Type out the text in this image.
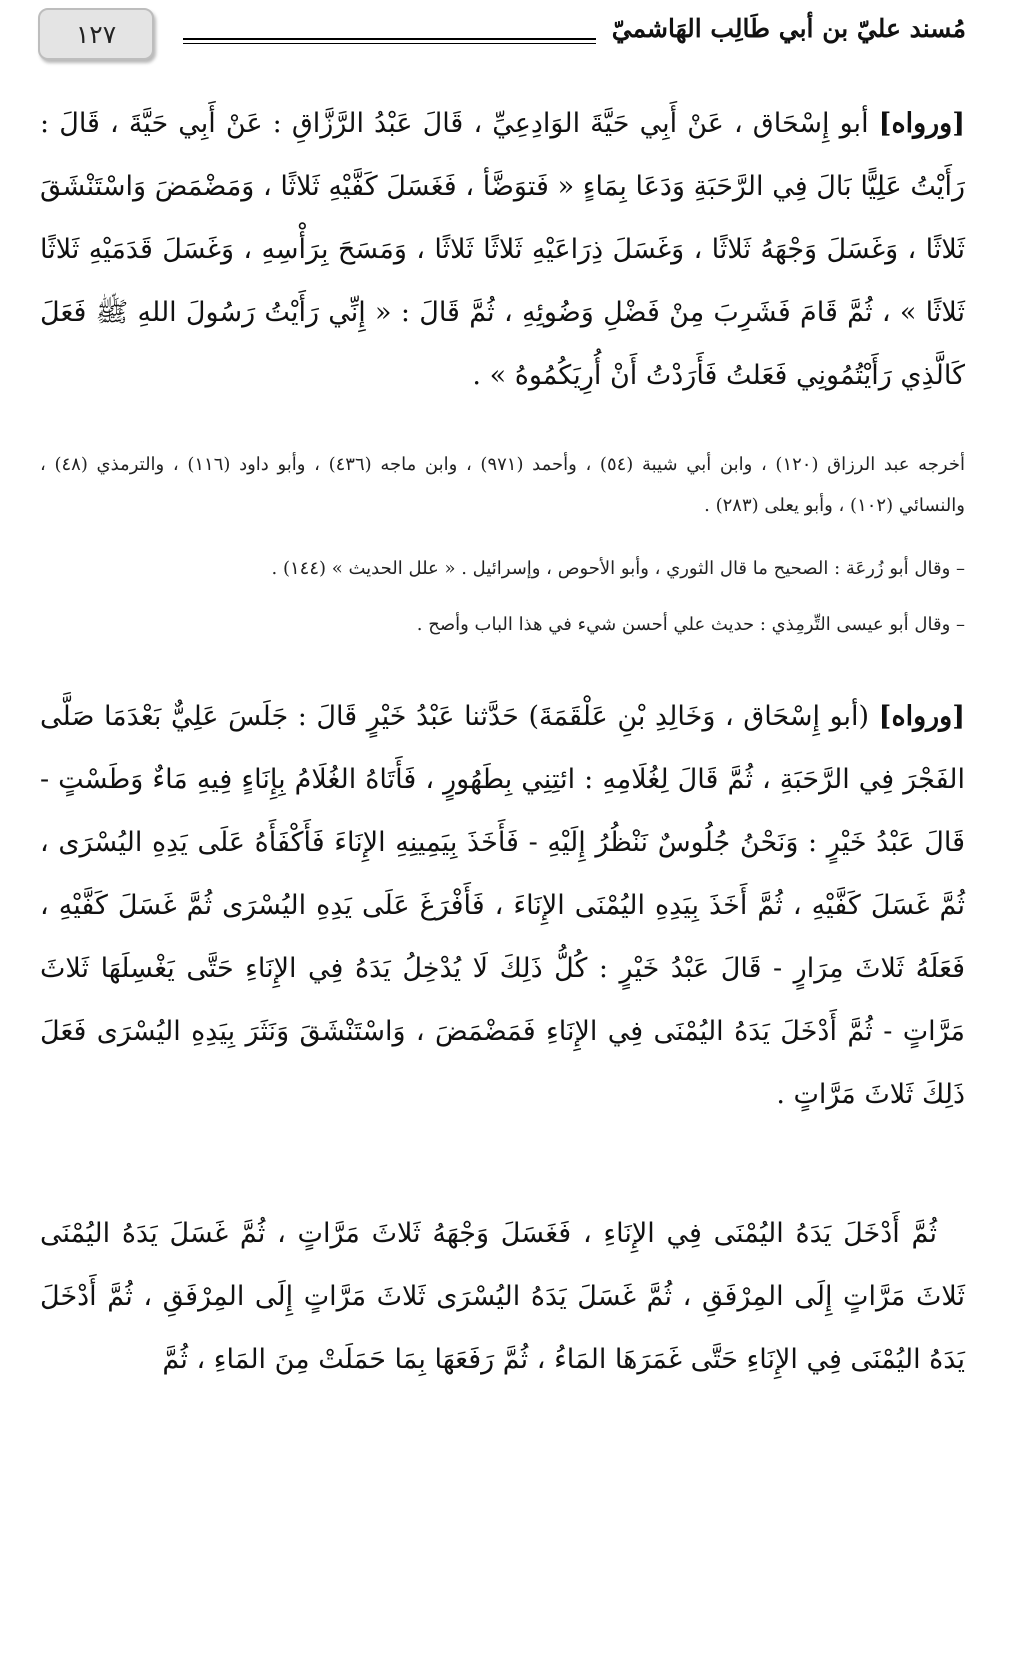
١٢٧	مُسند عليّ بن أبي طَالِب الهَاشميّ
[ورواه] أبو إِسْحَاق ، عَنْ أَبِي حَيَّةَ الوَادِعِيِّ ، قَالَ عَبْدُ الرَّزَّاقِ : عَنْ أَبِي حَيَّةَ ، قَالَ : رَأَيْتُ عَلِيًّا بَالَ فِي الرَّحَبَةِ وَدَعَا بِمَاءٍ « فَتوَضَّأ ، فَغَسَلَ كَفَّيْهِ ثَلاثًا ، وَمَضْمَضَ وَاسْتَنْشَقَ ثَلاثًا ، وَغَسَلَ وَجْهَهُ ثَلاثًا ، وَغَسَلَ ذِرَاعَيْهِ ثَلاثًا ثَلاثًا ، وَمَسَحَ بِرَأْسِهِ ، وَغَسَلَ قَدَمَيْهِ ثَلاثًا ثَلاثًا » ، ثُمَّ قَامَ فَشَرِبَ مِنْ فَضْلِ وَضُوئِهِ ، ثُمَّ قَالَ : « إِنِّي رَأَيْتُ رَسُولَ اللهِ ﷺ فَعَلَ كَالَّذِي رَأَيْتُمُونِي فَعَلتُ فَأَرَدْتُ أَنْ أُرِيَكُمُوهُ » .
أخرجه عبد الرزاق (١٢٠) ، وابن أبي شيبة (٥٤) ، وأحمد (٩٧١) ، وابن ماجه (٤٣٦) ، وأبو داود (١١٦) ، والترمذي (٤٨) ، والنسائي (١٠٢) ، وأبو يعلى (٢٨٣) .
– وقال أبو زُرعَة : الصحيح ما قال الثوري ، وأبو الأحوص ، وإسرائيل . « علل الحديث » (١٤٤) .
– وقال أبو عيسى التِّرمِذي : حديث علي أحسن شيء في هذا الباب وأصح .
[ورواه] (أبو إِسْحَاق ، وَخَالِدِ بْنِ عَلْقَمَةَ) حَدَّثنا عَبْدُ خَيْرٍ قَالَ : جَلَسَ عَلِيٌّ بَعْدَمَا صَلَّى الفَجْرَ فِي الرَّحَبَةِ ، ثُمَّ قَالَ لِغُلَامِهِ : ائتِنِي بِطَهُورٍ ، فَأَتَاهُ الغُلَامُ بِإِنَاءٍ فِيهِ مَاءٌ وَطَسْتٍ - قَالَ عَبْدُ خَيْرٍ : وَنَحْنُ جُلُوسٌ نَنْظُرُ إِلَيْهِ - فَأَخَذَ بِيَمِينِهِ الإِنَاءَ فَأَكْفَأَهُ عَلَى يَدِهِ اليُسْرَى ، ثُمَّ غَسَلَ كَفَّيْهِ ، ثُمَّ أَخَذَ بِيَدِهِ اليُمْنَى الإِنَاءَ ، فَأَفْرَغَ عَلَى يَدِهِ اليُسْرَى ثُمَّ غَسَلَ كَفَّيْهِ ، فَعَلَهُ ثَلاثَ مِرَارٍ - قَالَ عَبْدُ خَيْرٍ : كُلُّ ذَلِكَ لَا يُدْخِلُ يَدَهُ فِي الإِنَاءِ حَتَّى يَغْسِلَهَا ثَلاثَ مَرَّاتٍ - ثُمَّ أَدْخَلَ يَدَهُ اليُمْنَى فِي الإِنَاءِ فَمَضْمَضَ ، وَاسْتَنْشَقَ وَنَثَرَ بِيَدِهِ اليُسْرَى فَعَلَ ذَلِكَ ثَلاثَ مَرَّاتٍ .
ثُمَّ أَدْخَلَ يَدَهُ اليُمْنَى فِي الإِنَاءِ ، فَغَسَلَ وَجْهَهُ ثَلاثَ مَرَّاتٍ ، ثُمَّ غَسَلَ يَدَهُ اليُمْنَى ثَلاثَ مَرَّاتٍ إِلَى المِرْفَقِ ، ثُمَّ غَسَلَ يَدَهُ اليُسْرَى ثَلاثَ مَرَّاتٍ إِلَى المِرْفَقِ ، ثُمَّ أَدْخَلَ يَدَهُ اليُمْنَى فِي الإِنَاءِ حَتَّى غَمَرَهَا المَاءُ ، ثُمَّ رَفَعَهَا بِمَا حَمَلَتْ مِنَ المَاءِ ، ثُمَّ
